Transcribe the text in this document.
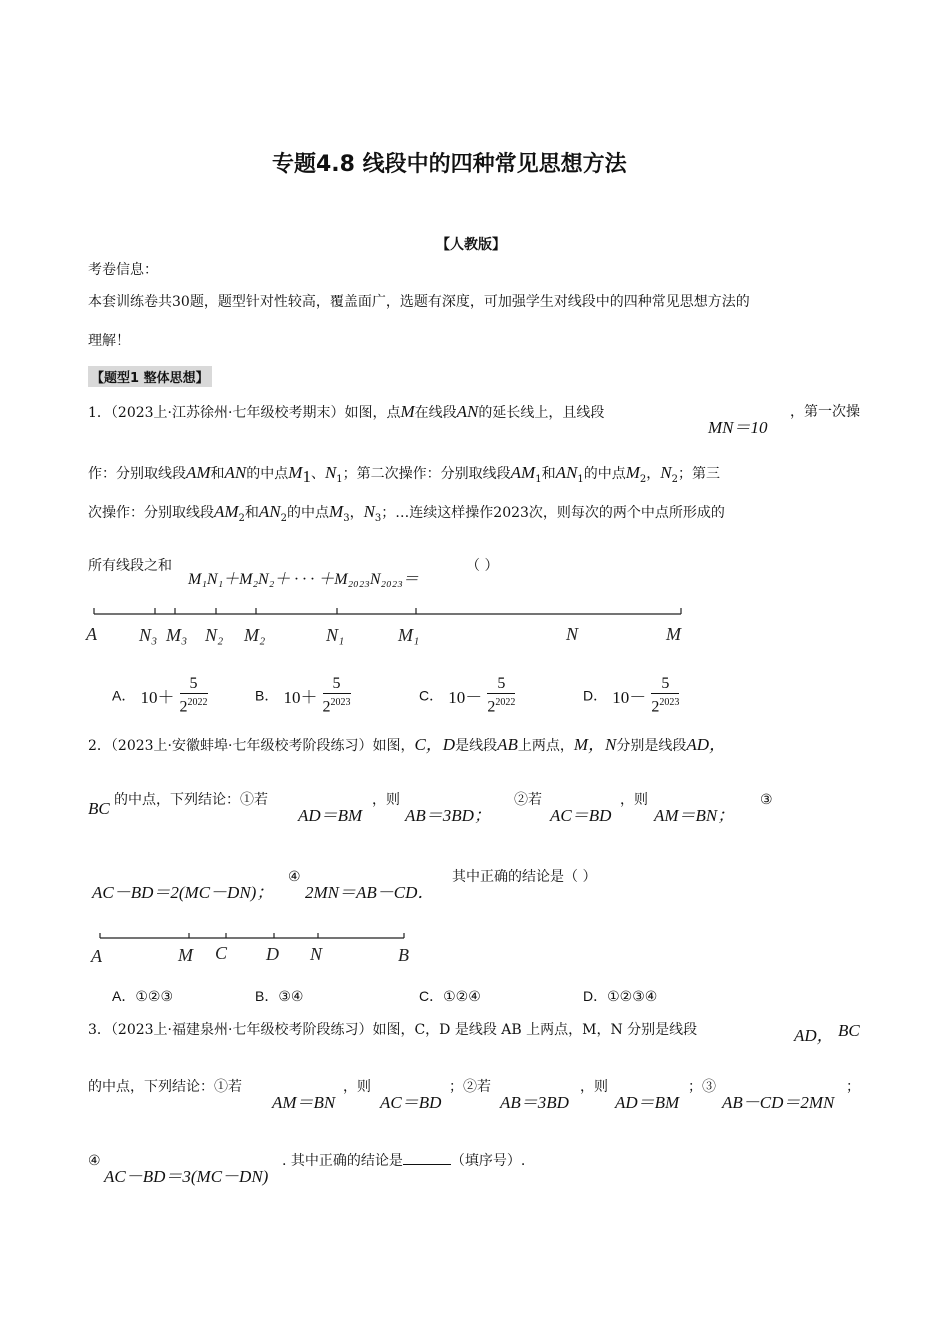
专题4.8 线段中的四种常见思想方法
【人教版】
考卷信息：
本套训练卷共30题，题型针对性较高，覆盖面广，选题有深度，可加强学生对线段中的四种常见思想方法的
理解！
【题型1 整体思想】
1．（2023上·江苏徐州·七年级校考期末）如图，点M在线段AN的延长线上，且线段
MN＝10
，第一次操
作：分别取线段AM和AN的中点$M_1$、$N_1$；第二次操作：分别取线段$AM_1$和$AN_1$的中点$M_2$，$N_2$；第三
次操作：分别取线段$AM_2$和$AN_2$的中点$M_3$，$N_3$；…连续这样操作2023次，则每次的两个中点所形成的
所有线段之和
M₁N₁＋M₂N₂＋ · · · ＋M₂₀₂₃N₂₀₂₃＝
（ ）
A N₃ M₃ N₂ M₂	N₁	M₁	N	M
A． $10+ \frac{5}{2^{2022}}$	B． $10+ \frac{5}{2^{2023}}$	C． $10- \frac{5}{2^{2022}}$	D． $10- \frac{5}{2^{2023}}$
2．（2023上·安徽蚌埠·七年级校考阶段练习）如图，C，D是线段AB上两点，M，N分别是线段AD，
BC 的中点，下列结论：①若
AD＝BM
，则
AB＝3BD；
②若
AC＝BD
，则
AM＝BN；
③
AC－BD＝2(MC－DN)；
④
2MN＝AB－CD．
其中正确的结论是（ ）
A	M C D N	B
A．①②③	B．③④	C．①②④	D．①②③④
3．（2023上·福建泉州·七年级校考阶段练习）如图，C，D 是线段 AB 上两点，M，N 分别是线段	AD， BC
的中点，下列结论：①若
AM＝BN
，则
AC＝BD
；②若
AB＝3BD
，则
AD＝BM
；③
AB－CD＝2MN
；
④
AC－BD＝3(MC－DN)
. 其中正确的结论是	（填序号）.
